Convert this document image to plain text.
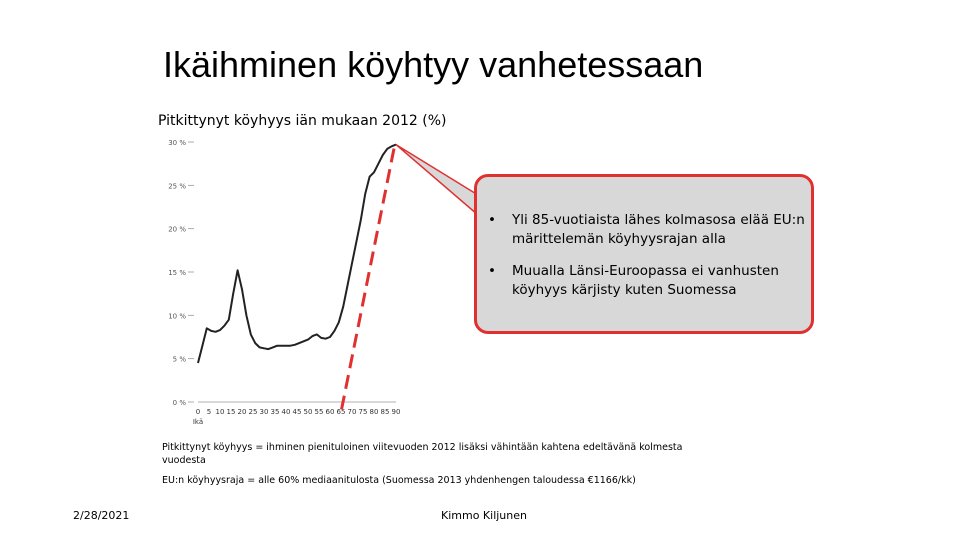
Ikäihminen köyhtyy vanhetessaan
Pitkittynyt köyhyys iän mukaan 2012 (%)
0 %
5 %
10 %
15 %
20 %
25 %
30 %
0 5 10 15 20 25 30 35 40 45 50 55 60 65 70 75 80 85 90
Ikä
• Yli 85-vuotiaista lähes kolmasosa elää EU:n märittelemän köyhyysrajan alla
• Muualla Länsi-Euroopassa ei vanhusten köyhyys kärjisty kuten Suomessa
Pitkittynyt köyhyys = ihminen pienituloinen viitevuoden 2012 lisäksi vähintään kahtena edeltävänä kolmesta vuodesta
EU:n köyhyysraja = alle 60% mediaanitulosta (Suomessa 2013 yhdenhengen taloudessa €1166/kk)
2/28/2021	Kimmo Kiljunen
